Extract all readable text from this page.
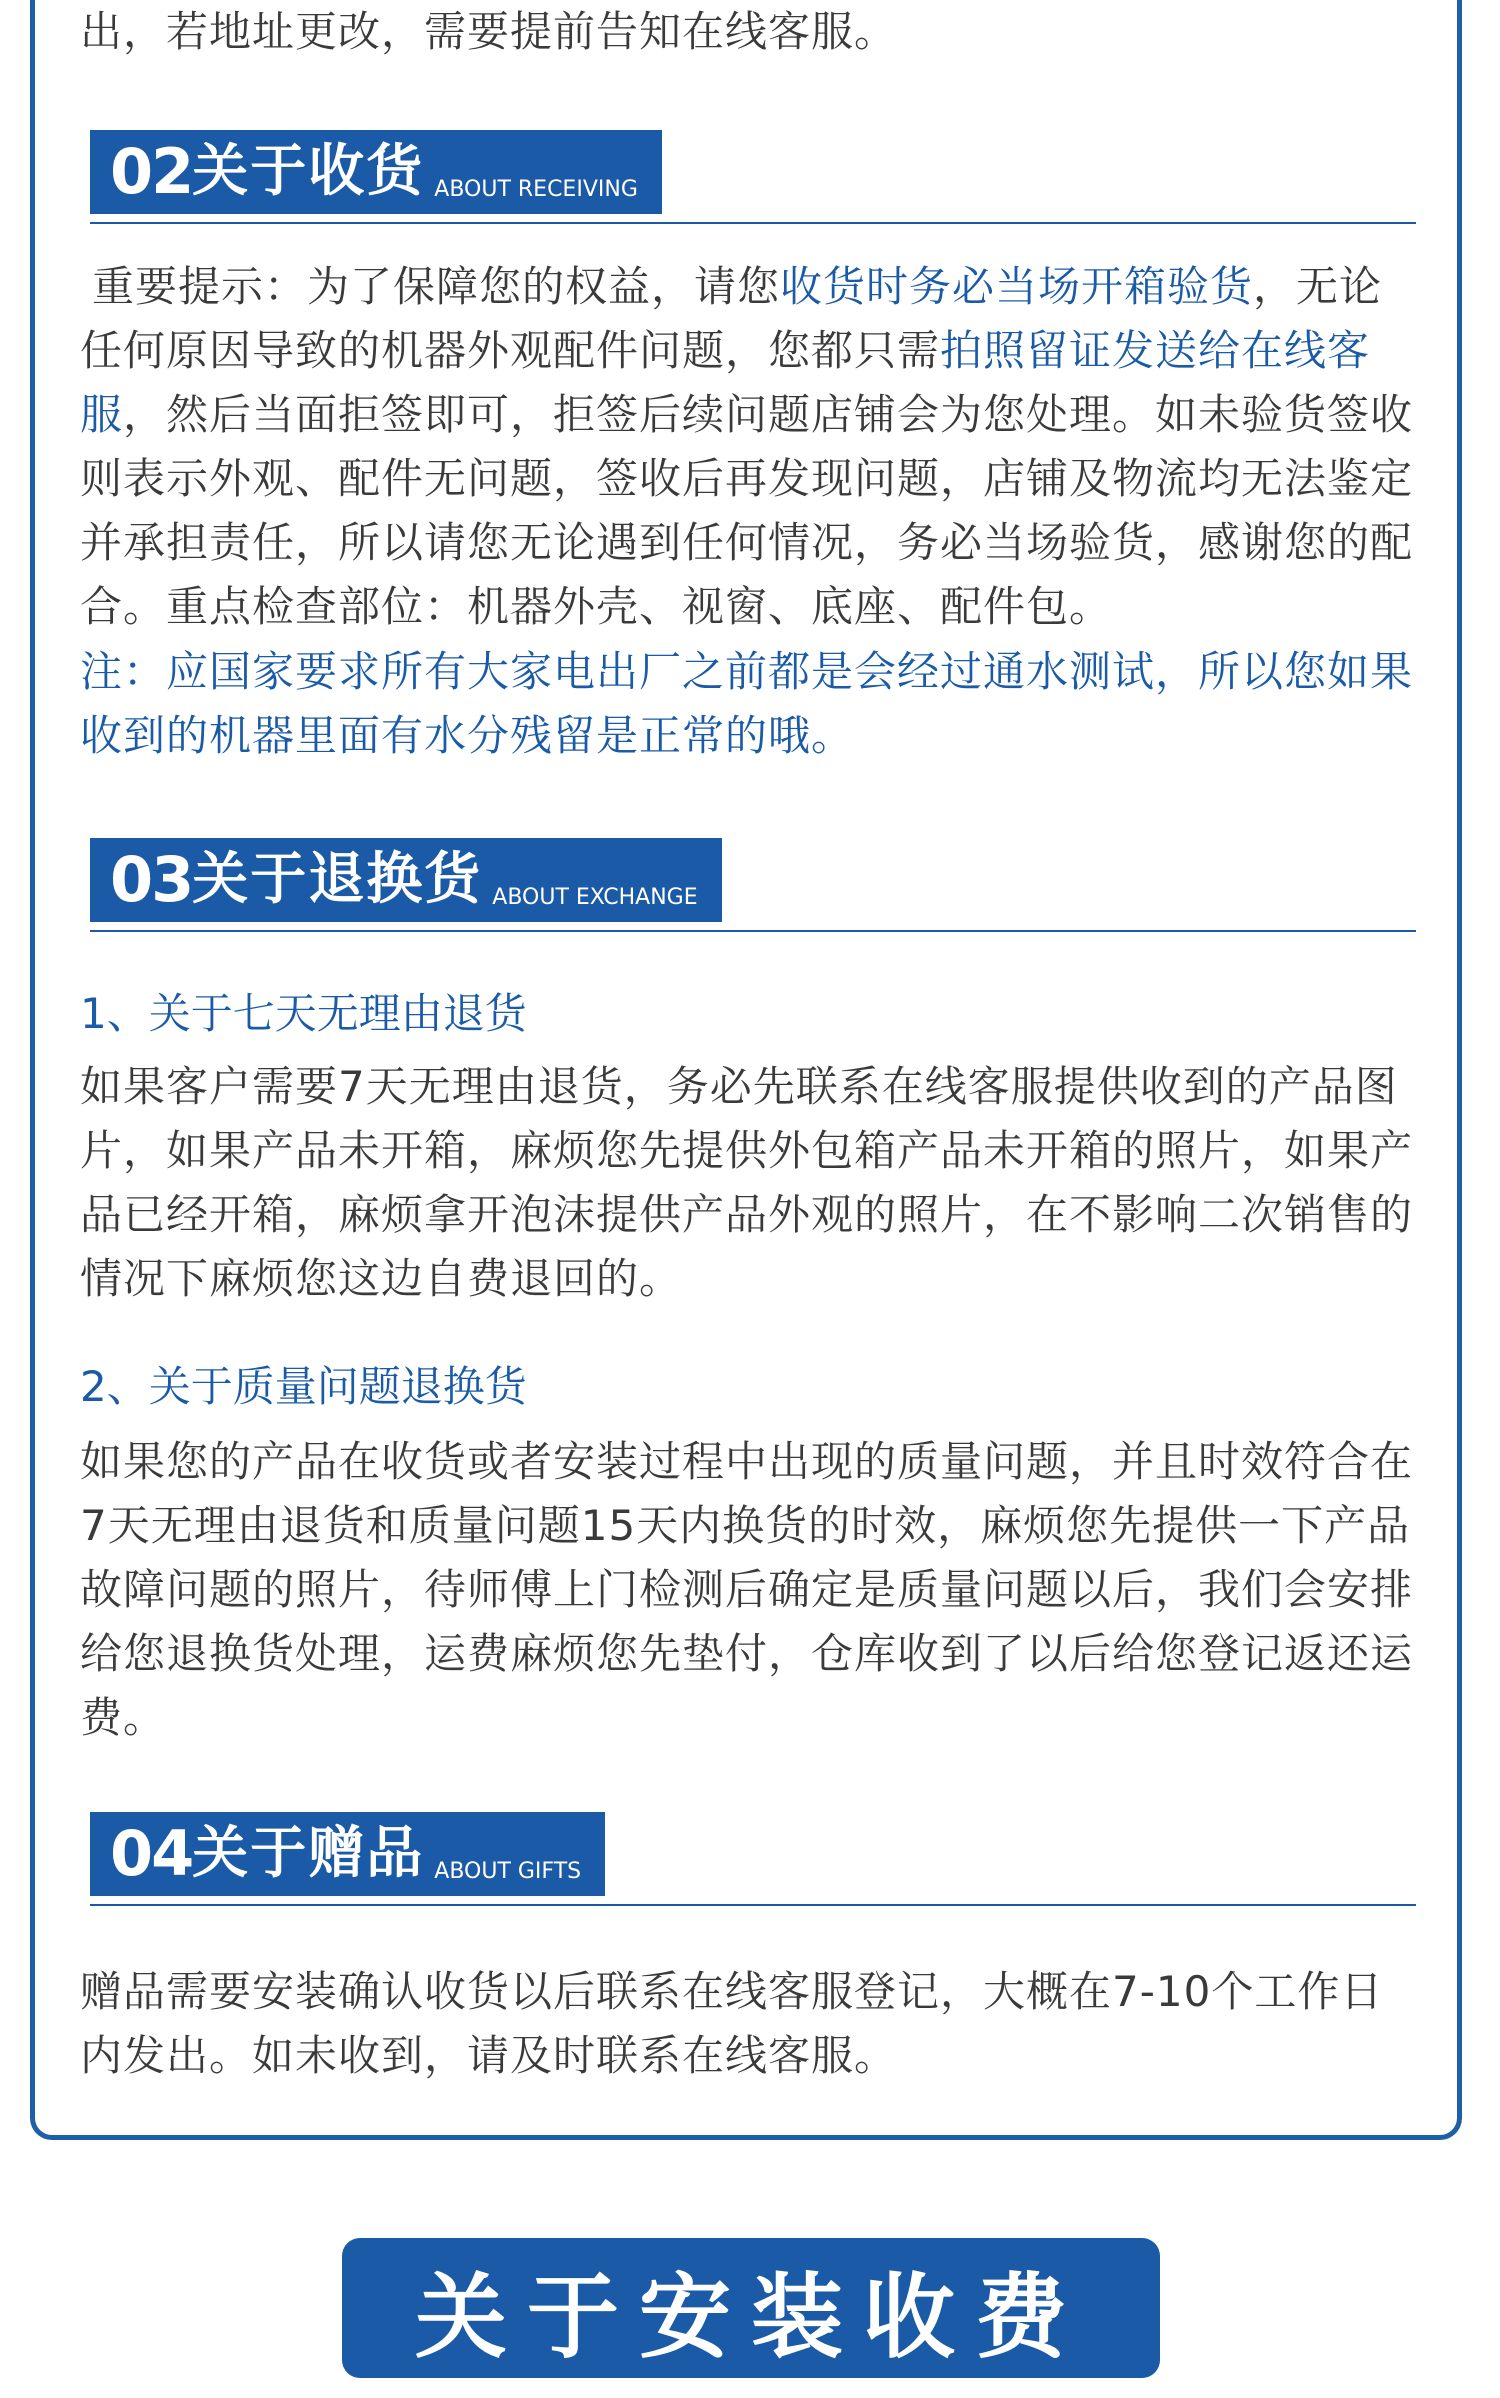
出，若地址更改，需要提前告知在线客服。
02 关于收货 ABOUT RECEIVING
重要提示：为了保障您的权益，请您收货时务必当场开箱验货，无论任何原因导致的机器外观配件问题，您都只需拍照留证发送给在线客服，然后当面拒签即可，拒签后续问题店铺会为您处理。如未验货签收则表示外观、配件无问题，签收后再发现问题，店铺及物流均无法鉴定并承担责任，所以请您无论遇到任何情况，务必当场验货，感谢您的配合。重点检查部位：机器外壳、视窗、底座、配件包。
注：应国家要求所有大家电出厂之前都是会经过通水测试，所以您如果收到的机器里面有水分残留是正常的哦。
03 关于退换货 ABOUT EXCHANGE
1、关于七天无理由退货
如果客户需要7天无理由退货，务必先联系在线客服提供收到的产品图片，如果产品未开箱，麻烦您先提供外包箱产品未开箱的照片，如果产品已经开箱，麻烦拿开泡沫提供产品外观的照片，在不影响二次销售的情况下麻烦您这边自费退回的。
2、关于质量问题退换货
如果您的产品在收货或者安装过程中出现的质量问题，并且时效符合在7天无理由退货和质量问题15天内换货的时效，麻烦您先提供一下产品故障问题的照片，待师傅上门检测后确定是质量问题以后，我们会安排给您退换货处理，运费麻烦您先垫付，仓库收到了以后给您登记返还运费。
04 关于赠品 ABOUT GIFTS
赠品需要安装确认收货以后联系在线客服登记，大概在7-10个工作日内发出。如未收到，请及时联系在线客服。
关于安装收费
